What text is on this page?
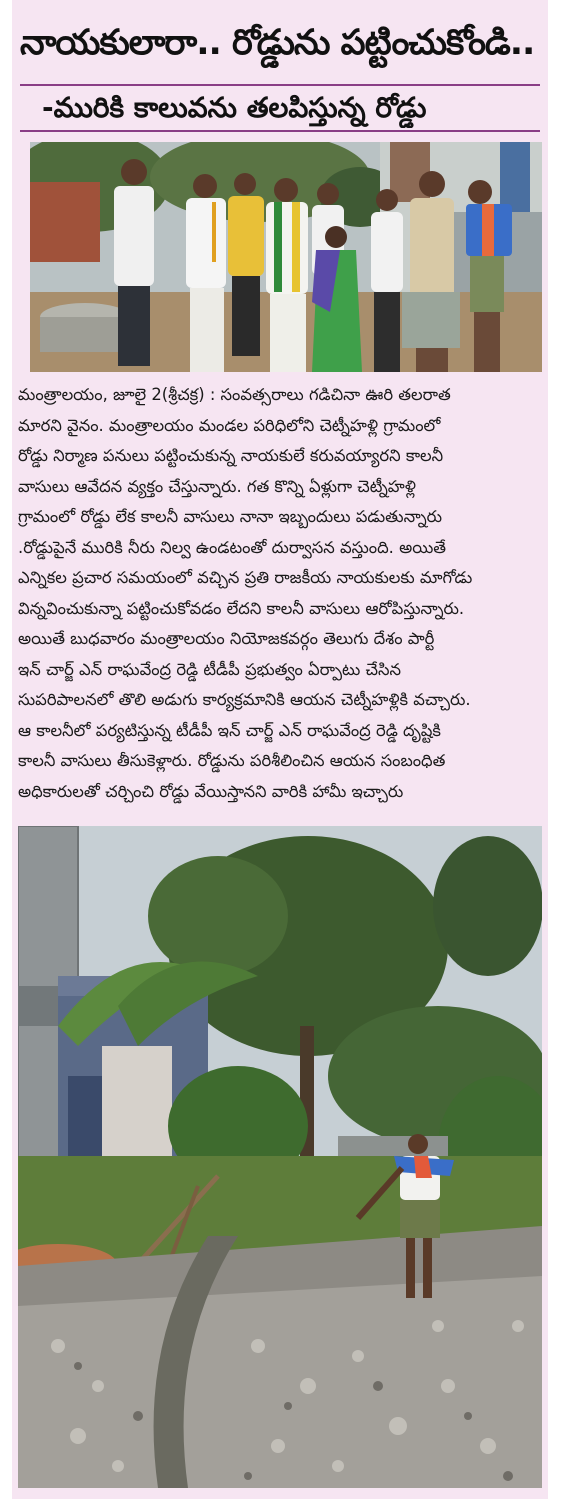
నాయకులారా.. రోడ్డును పట్టించుకోండి..
-మురికి కాలువను తలపిస్తున్న రోడ్డు
మంత్రాలయం, జూలై 2(శ్రీచక్ర) : సంవత్సరాలు గడిచినా ఊరి తలరాత
మారని వైనం. మంత్రాలయం మండల పరిధిలోని చెట్నీహళ్లి గ్రామంలో
రోడ్డు నిర్మాణ పనులు పట్టించుకున్న నాయకులే కరువయ్యారని కాలనీ
వాసులు ఆవేదన వ్యక్తం చేస్తున్నారు. గత కొన్ని ఏళ్లుగా చెట్నీహళ్లి
గ్రామంలో రోడ్డు లేక కాలనీ వాసులు నానా ఇబ్బందులు పడుతున్నారు
.రోడ్డుపైనే మురికి నీరు నిల్వ ఉండటంతో దుర్వాసన వస్తుంది. అయితే
ఎన్నికల ప్రచార సమయంలో వచ్చిన ప్రతి రాజకీయ నాయకులకు మాగోడు
విన్నవించుకున్నా పట్టించుకోవడం లేదని కాలనీ వాసులు ఆరోపిస్తున్నారు.
అయితే బుధవారం మంత్రాలయం నియోజకవర్గం తెలుగు దేశం పార్టీ
ఇన్ చార్జ్ ఎన్ రాఘవేంద్ర రెడ్డి టీడీపీ ప్రభుత్వం ఏర్పాటు చేసిన
సుపరిపాలనలో తొలి అడుగు కార్యక్రమానికి ఆయన చెట్నీహళ్లికి వచ్చారు.
ఆ కాలనీలో పర్యటిస్తున్న టీడీపీ ఇన్ చార్జ్ ఎన్ రాఘవేంద్ర రెడ్డి దృష్టికి
కాలనీ వాసులు తీసుకెళ్లారు. రోడ్డును పరిశీలించిన ఆయన సంబంధిత
అధికారులతో చర్చించి రోడ్డు వేయిస్తానని వారికి హామీ ఇచ్చారు
